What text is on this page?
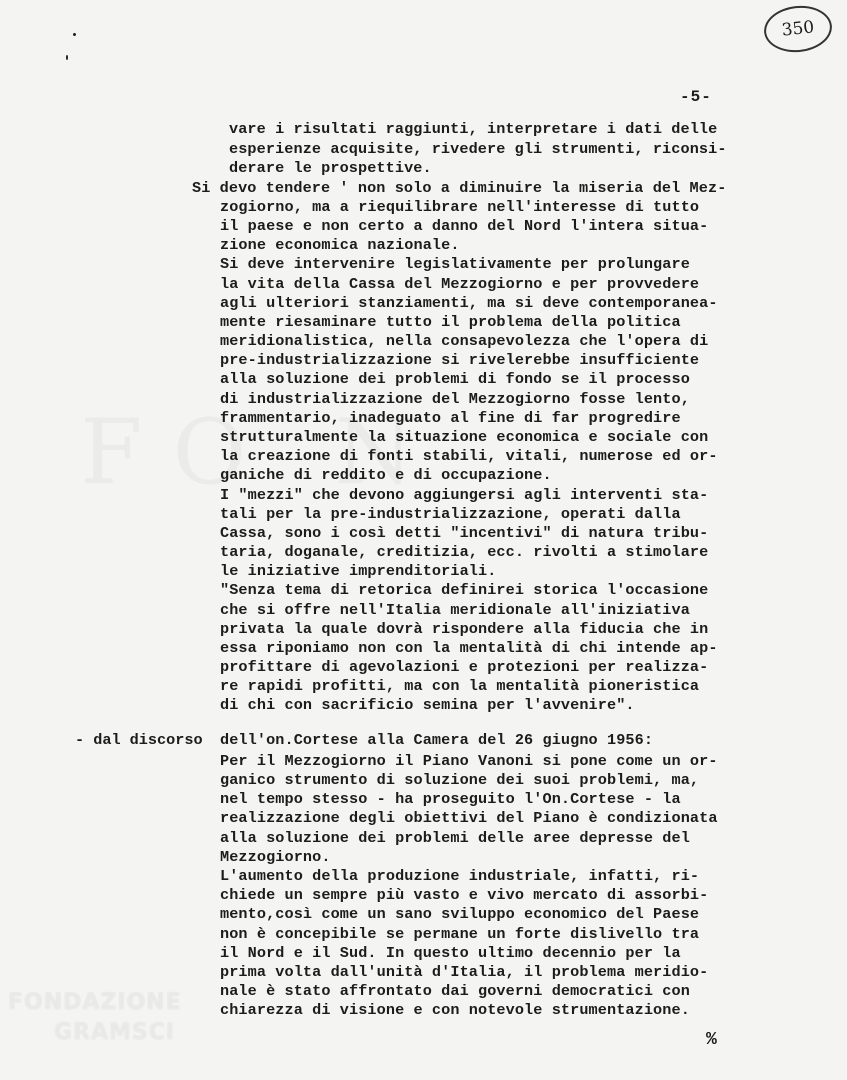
350
-5-
vare i risultati raggiunti, interpretare i dati delle
esperienze acquisite, rivedere gli strumenti, riconsi-
derare le prospettive.
Si devo tendere ' non solo a diminuire la miseria del Mez-
zogiorno, ma a riequilibrare nell'interesse di tutto
il paese e non certo a danno del Nord l'intera situa-
zione economica nazionale.
Si deve intervenire legislativamente per prolungare
la vita della Cassa del Mezzogiorno e per provvedere
agli ulteriori stanziamenti, ma si deve contemporanea-
mente riesaminare tutto il problema della politica
meridionalistica, nella consapevolezza che l'opera di
pre-industrializzazione si rivelerebbe insufficiente
alla soluzione dei problemi di fondo se il processo
di industrializzazione del Mezzogiorno fosse lento,
frammentario, inadeguato al fine di far progredire
strutturalmente la situazione economica e sociale con
la creazione di fonti stabili, vitali, numerose ed or-
ganiche di reddito e di occupazione.
I "mezzi" che devono aggiungersi agli interventi sta-
tali per la pre-industrializzazione, operati dalla
Cassa, sono i così detti "incentivi" di natura tribu-
taria, doganale, creditizia, ecc. rivolti a stimolare
le iniziative imprenditoriali.
"Senza tema di retorica definirei storica l'occasione
che si offre nell'Italia meridionale all'iniziativa
privata la quale dovrà rispondere alla fiducia che in
essa riponiamo non con la mentalità di chi intende ap-
profittare di agevolazioni e protezioni per realizza-
re rapidi profitti, ma con la mentalità pioneristica
di chi con sacrificio semina per l'avvenire".
- dal discorso dell'on.Cortese alla Camera del 26 giugno 1956:
Per il Mezzogiorno il Piano Vanoni si pone come un or-
ganico strumento di soluzione dei suoi problemi, ma,
nel tempo stesso - ha proseguito l'On.Cortese - la
realizzazione degli obiettivi del Piano è condizionata
alla soluzione dei problemi delle aree depresse del
Mezzogiorno.
L'aumento della produzione industriale, infatti, ri-
chiede un sempre più vasto e vivo mercato di assorbi-
mento,così come un sano sviluppo economico del Paese
non è concepibile se permane un forte dislivello tra
il Nord e il Sud. In questo ultimo decennio per la
prima volta dall'unità d'Italia, il problema meridio-
nale è stato affrontato dai governi democratici con
chiarezza di visione e con notevole strumentazione.
%
FONDAZIONE
GRAMSCI
